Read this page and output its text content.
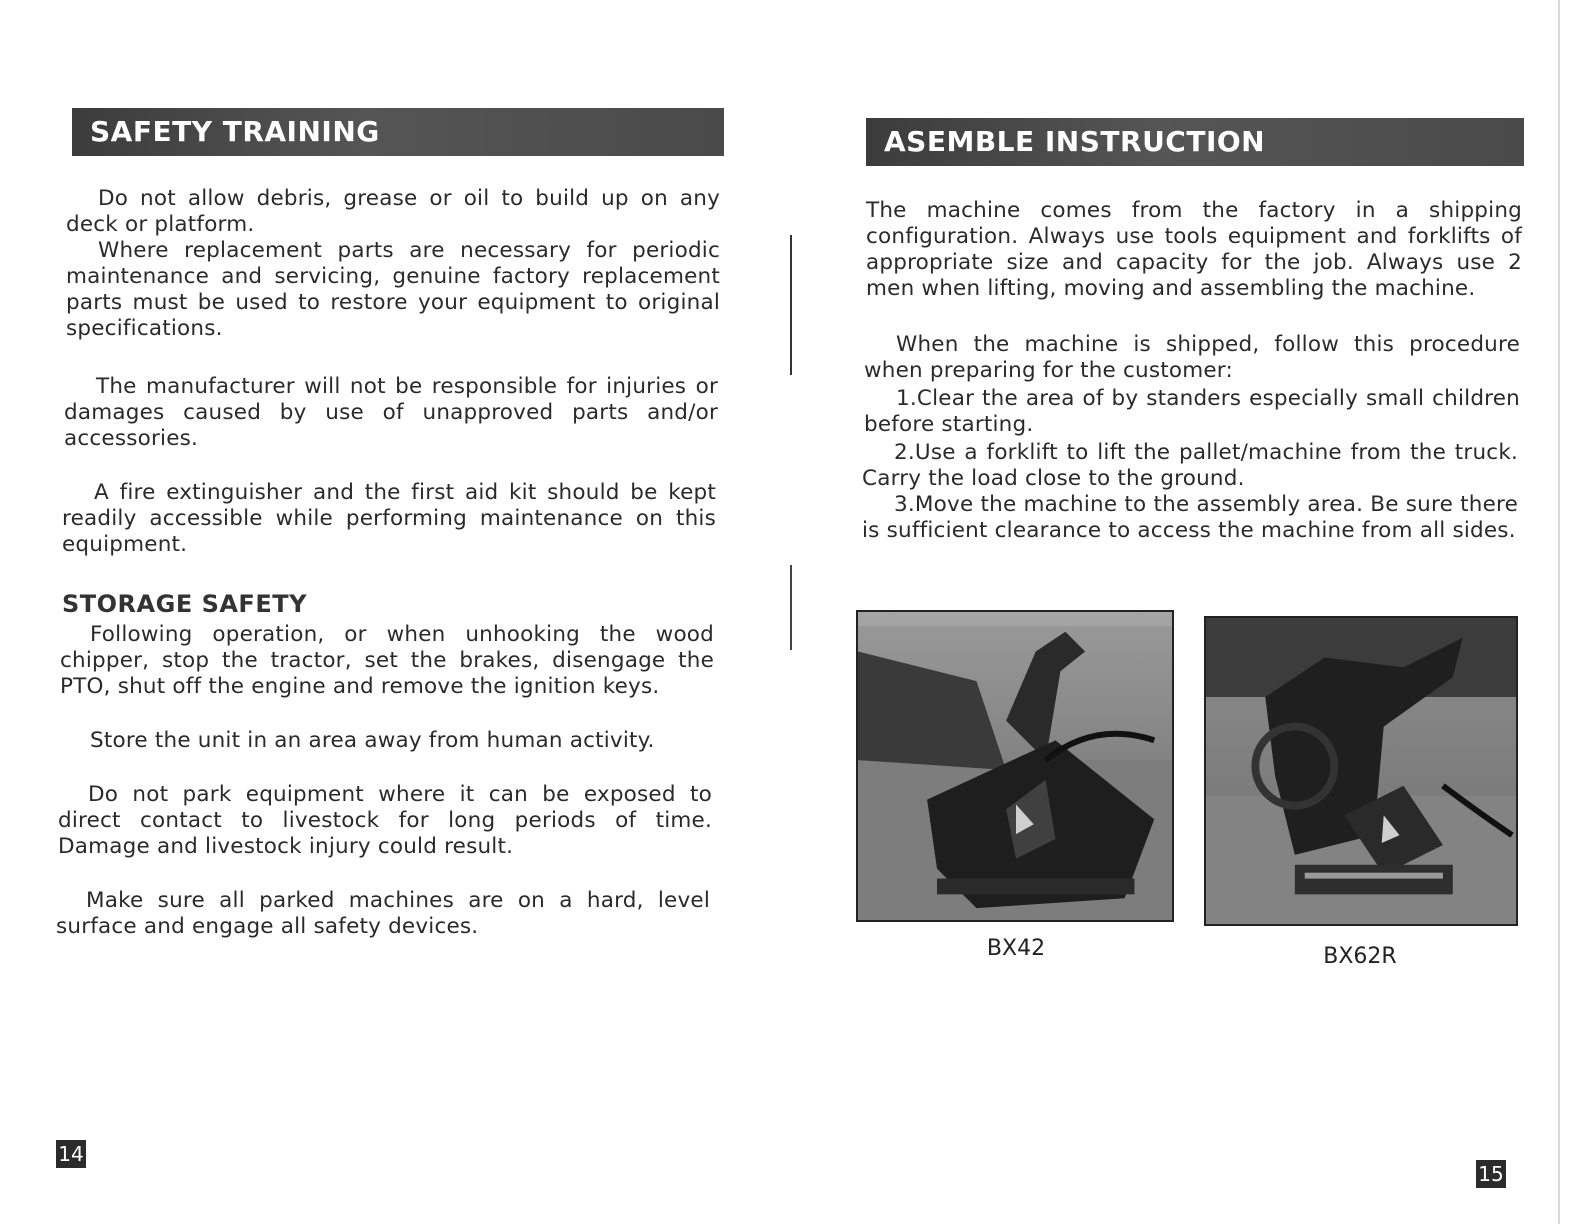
SAFETY TRAINING

Do not allow debris, grease or oil to build up on any deck or platform.

Where replacement parts are necessary for periodic maintenance and servicing, genuine factory replacement parts must be used to restore your equipment to original specifications.

The manufacturer will not be responsible for injuries or damages caused by use of unapproved parts and/or accessories.

A fire extinguisher and the first aid kit should be kept readily accessible while performing maintenance on this equipment.

STORAGE SAFETY

Following operation, or when unhooking the wood chipper, stop the tractor, set the brakes, disengage the PTO, shut off the engine and remove the ignition keys.

Store the unit in an area away from human activity.

Do not park equipment where it can be exposed to direct contact to livestock for long periods of time. Damage and livestock injury could result.

Make sure all parked machines are on a hard, level surface and engage all safety devices.

14
ASEMBLE INSTRUCTION

The machine comes from the factory in a shipping configuration. Always use tools equipment and forklifts of appropriate size and capacity for the job. Always use 2 men when lifting, moving and assembling the machine.

When the machine is shipped, follow this procedure when preparing for the customer:

1.Clear the area of by standers especially small children before starting.

2.Use a forklift to lift the pallet/machine from the truck. Carry the load close to the ground.

3.Move the machine to the assembly area. Be sure there is sufficient clearance to access the machine from all sides.

BX42	BX62R
15
